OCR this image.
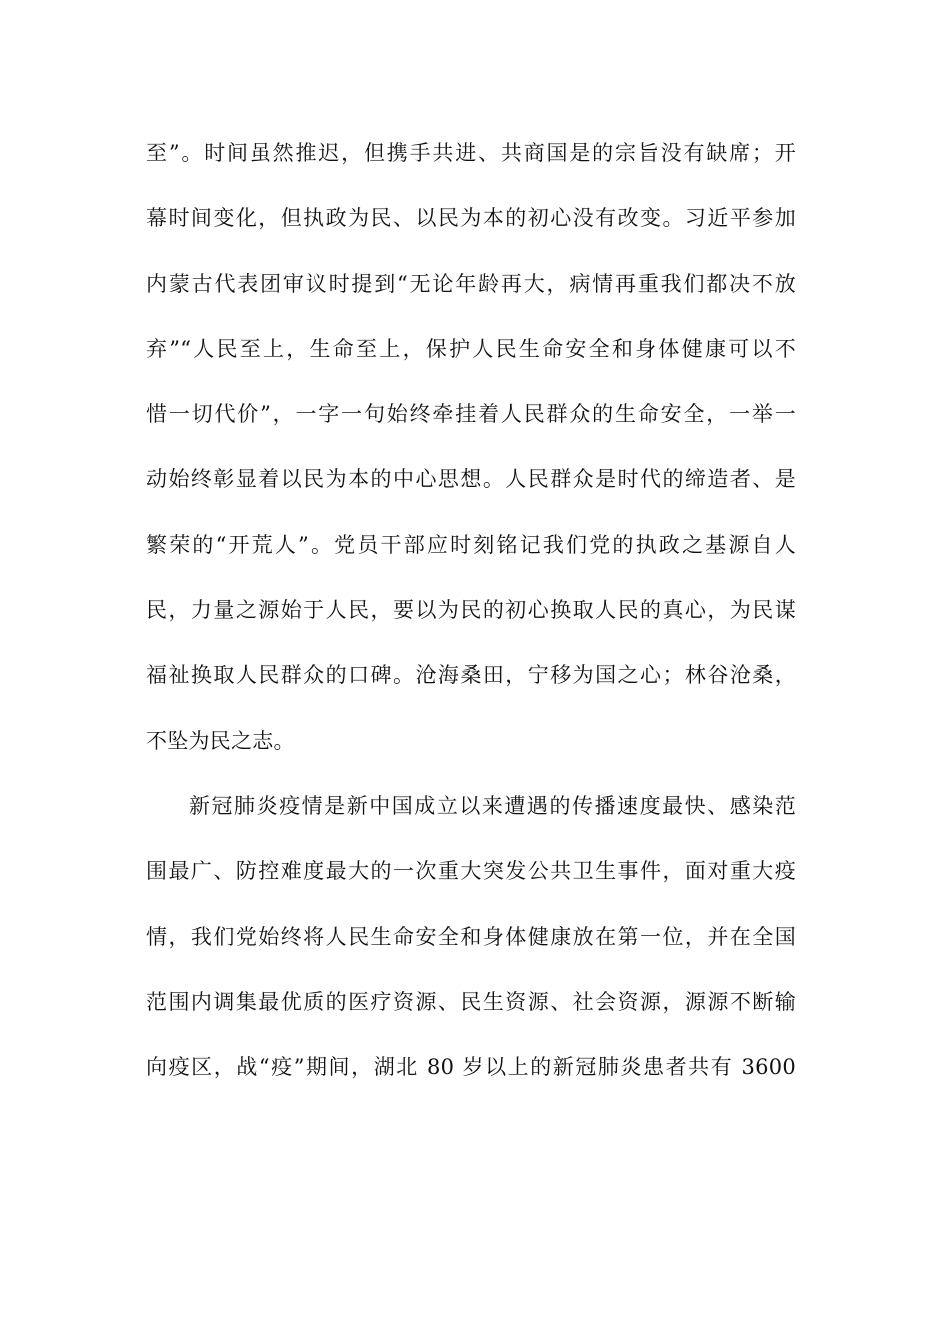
至”。时间虽然推迟，但携手共进、共商国是的宗旨没有缺席；开
幕时间变化，但执政为民、以民为本的初心没有改变。习近平参加
内蒙古代表团审议时提到“无论年龄再大，病情再重我们都决不放
弃”“人民至上，生命至上，保护人民生命安全和身体健康可以不
惜一切代价”，一字一句始终牵挂着人民群众的生命安全，一举一
动始终彰显着以民为本的中心思想。人民群众是时代的缔造者、是
繁荣的“开荒人”。党员干部应时刻铭记我们党的执政之基源自人
民，力量之源始于人民，要以为民的初心换取人民的真心，为民谋
福祉换取人民群众的口碑。沧海桑田，宁移为国之心；林谷沧桑，
不坠为民之志。
新冠肺炎疫情是新中国成立以来遭遇的传播速度最快、感染范
围最广、防控难度最大的一次重大突发公共卫生事件，面对重大疫
情，我们党始终将人民生命安全和身体健康放在第一位，并在全国
范围内调集最优质的医疗资源、民生资源、社会资源，源源不断输
向疫区，战“疫”期间，湖北 80 岁以上的新冠肺炎患者共有 3600
